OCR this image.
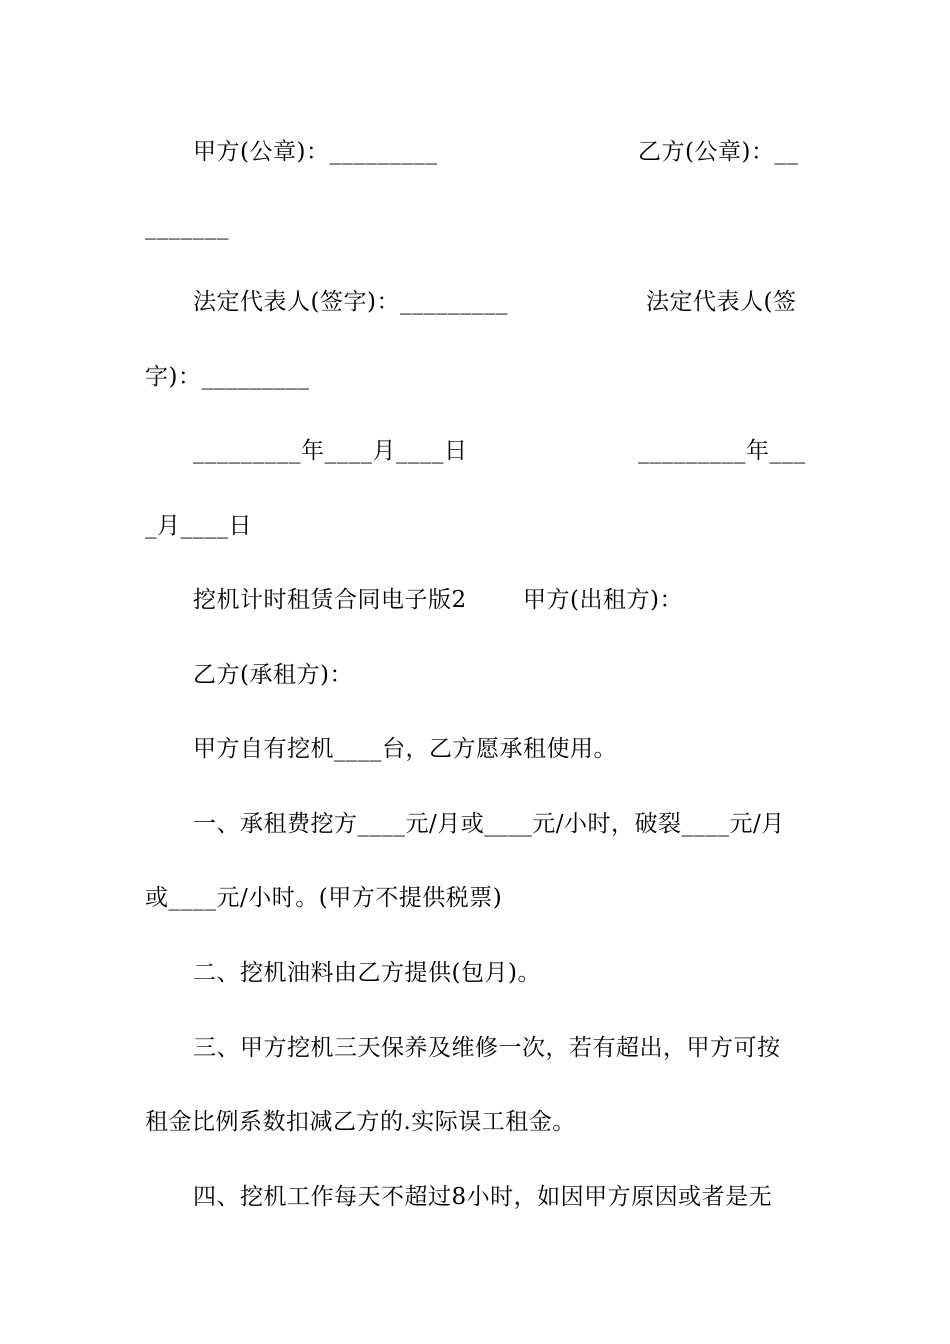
甲方(公章)：_________	乙方(公章)：__
_______
法定代表人(签字)：_________	法定代表人(签
字)：_________
_________年____月____日	_________年___
_月____日
挖机计时租赁合同电子版2 甲方(出租方)：
乙方(承租方)：
甲方自有挖机____台，乙方愿承租使用。
一、承租费挖方____元/月或____元/小时，破裂____元/月
或____元/小时。(甲方不提供税票)
二、挖机油料由乙方提供(包月)。
三、甲方挖机三天保养及维修一次，若有超出，甲方可按
租金比例系数扣减乙方的.实际误工租金。
四、挖机工作每天不超过8小时，如因甲方原因或者是无
